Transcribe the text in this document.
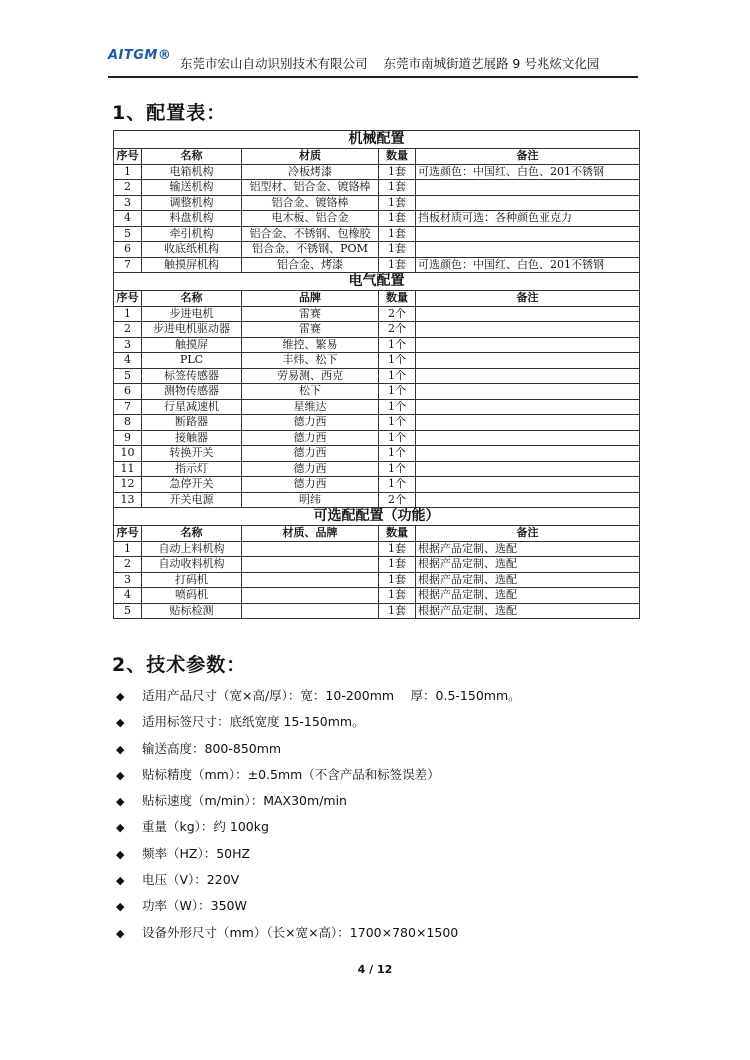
AITGM®
东莞市宏山自动识别技术有限公司 东莞市南城街道艺展路 9 号兆炫文化园
1、配置表：
机械配置				
序号	名称	材质	数量	备注
1	电箱机构	冷板烤漆	1套	可选颜色：中国红、白色、201不锈钢
2	输送机构	铝型材、铝合金、镀铬棒	1套	
3	调整机构	铝合金、镀铬棒	1套	
4	料盘机构	电木板、铝合金	1套	挡板材质可选：各种颜色亚克力
5	牵引机构	铝合金、不锈钢、包橡胶	1套	
6	收底纸机构	铝合金、不锈钢、POM	1套	
7	触摸屏机构	铝合金、烤漆	1套	可选颜色：中国红、白色、201不锈钢
电气配置				
序号	名称	品牌	数量	备注
1	步进电机	雷赛	2个	
2	步进电机驱动器	雷赛	2个	
3	触摸屏	维控、繁易	1个	
4	PLC	丰炜、松下	1个	
5	标签传感器	劳易测、西克	1个	
6	测物传感器	松下	1个	
7	行星减速机	星维达	1个	
8	断路器	德力西	1个	
9	接触器	德力西	1个	
10	转换开关	德力西	1个	
11	指示灯	德力西	1个	
12	急停开关	德力西	1个	
13	开关电源	明纬	2个	
可选配配置（功能）				
序号	名称	材质、品牌	数量	备注
1	自动上料机构		1套	根据产品定制、选配
2	自动收料机构		1套	根据产品定制、选配
3	打码机		1套	根据产品定制、选配
4	喷码机		1套	根据产品定制、选配
5	贴标检测		1套	根据产品定制、选配
2、技术参数：
◆ 适用产品尺寸（宽×高/厚）：宽：10-200mm　 厚：0.5-150mm。
◆ 适用标签尺寸：底纸宽度 15-150mm。
◆ 输送高度：800-850mm
◆ 贴标精度（mm）：±0.5mm（不含产品和标签误差）
◆ 贴标速度（m/min）：MAX30m/min
◆ 重量（kg）：约 100kg
◆ 频率（HZ）：50HZ
◆ 电压（V）：220V
◆ 功率（W）：350W
◆ 设备外形尺寸（mm）（长×宽×高）：1700×780×1500
4 / 12
